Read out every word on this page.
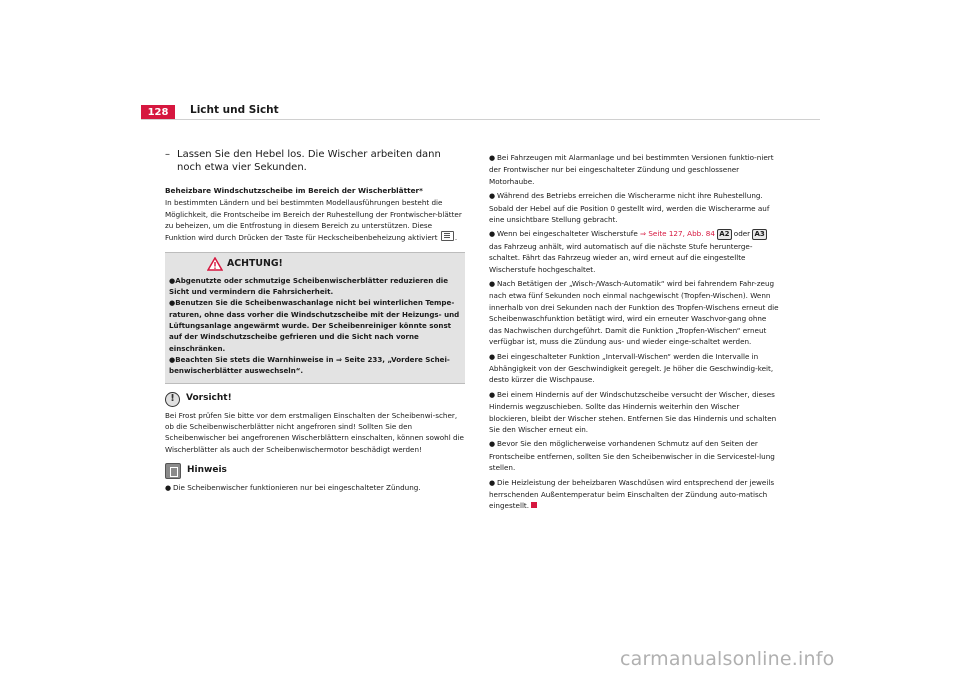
128	Licht und Sicht
– Lassen Sie den Hebel los. Die Wischer arbeiten dann noch etwa vier Sekunden.
Beheizbare Windschutzscheibe im Bereich der Wischerblätter*

In bestimmten Ländern und bei bestimmten Modellausführungen besteht die Möglichkeit, die Frontscheibe im Bereich der Ruhestellung der Frontwischer-blätter zu beheizen, um die Entfrostung in diesem Bereich zu unterstützen. Diese Funktion wird durch Drücken der Taste für Heckscheibenbeheizung aktiviert .

ACHTUNG!
●Abgenutzte oder schmutzige Scheibenwischerblätter reduzieren die Sicht und vermindern die Fahrsicherheit.
●Benutzen Sie die Scheibenwaschanlage nicht bei winterlichen Tempe-raturen, ohne dass vorher die Windschutzscheibe mit der Heizungs- und Lüftungsanlage angewärmt wurde. Der Scheibenreiniger könnte sonst auf der Windschutzscheibe gefrieren und die Sicht nach vorne einschränken.
●Beachten Sie stets die Warnhinweise in ⇒ Seite 233, „Vordere Schei-benwischerblätter auswechseln“.
!	Vorsicht!

Bei Frost prüfen Sie bitte vor dem erstmaligen Einschalten der Scheibenwi-scher, ob die Scheibenwischerblätter nicht angefroren sind! Sollten Sie den Scheibenwischer bei angefrorenen Wischerblättern einschalten, können sowohl die Wischerblätter als auch der Scheibenwischermotor beschädigt werden!

Hinweis

● Die Scheibenwischer funktionieren nur bei eingeschalteter Zündung.

● Bei Fahrzeugen mit Alarmanlage und bei bestimmten Versionen funktio-niert der Frontwischer nur bei eingeschalteter Zündung und geschlossener Motorhaube.

● Während des Betriebs erreichen die Wischerarme nicht ihre Ruhestellung. Sobald der Hebel auf die Position 0 gestellt wird, werden die Wischerarme auf eine unsichtbare Stellung gebracht.

● Wenn bei eingeschalteter Wischerstufe ⇒ Seite 127, Abb. 84 A2 oder A3 das Fahrzeug anhält, wird automatisch auf die nächste Stufe herunterge-schaltet. Fährt das Fahrzeug wieder an, wird erneut auf die eingestellte Wischerstufe hochgeschaltet.

● Nach Betätigen der „Wisch-/Wasch-Automatik“ wird bei fahrendem Fahr-zeug nach etwa fünf Sekunden noch einmal nachgewischt (Tropfen-Wischen). Wenn innerhalb von drei Sekunden nach der Funktion des Tropfen-Wischens erneut die Scheibenwaschfunktion betätigt wird, wird ein erneuter Waschvor-gang ohne das Nachwischen durchgeführt. Damit die Funktion „Tropfen-Wischen“ erneut verfügbar ist, muss die Zündung aus- und wieder einge-schaltet werden.

● Bei eingeschalteter Funktion „Intervall-Wischen“ werden die Intervalle in Abhängigkeit von der Geschwindigkeit geregelt. Je höher die Geschwindig-keit, desto kürzer die Wischpause.

● Bei einem Hindernis auf der Windschutzscheibe versucht der Wischer, dieses Hindernis wegzuschieben. Sollte das Hindernis weiterhin den Wischer blockieren, bleibt der Wischer stehen. Entfernen Sie das Hindernis und schalten Sie den Wischer erneut ein.

● Bevor Sie den möglicherweise vorhandenen Schmutz auf den Seiten der Frontscheibe entfernen, sollten Sie den Scheibenwischer in die Servicestel-lung stellen.

● Die Heizleistung der beheizbaren Waschdüsen wird entsprechend der jeweils herrschenden Außentemperatur beim Einschalten der Zündung auto-matisch eingestellt.

carmanualsonline.info
